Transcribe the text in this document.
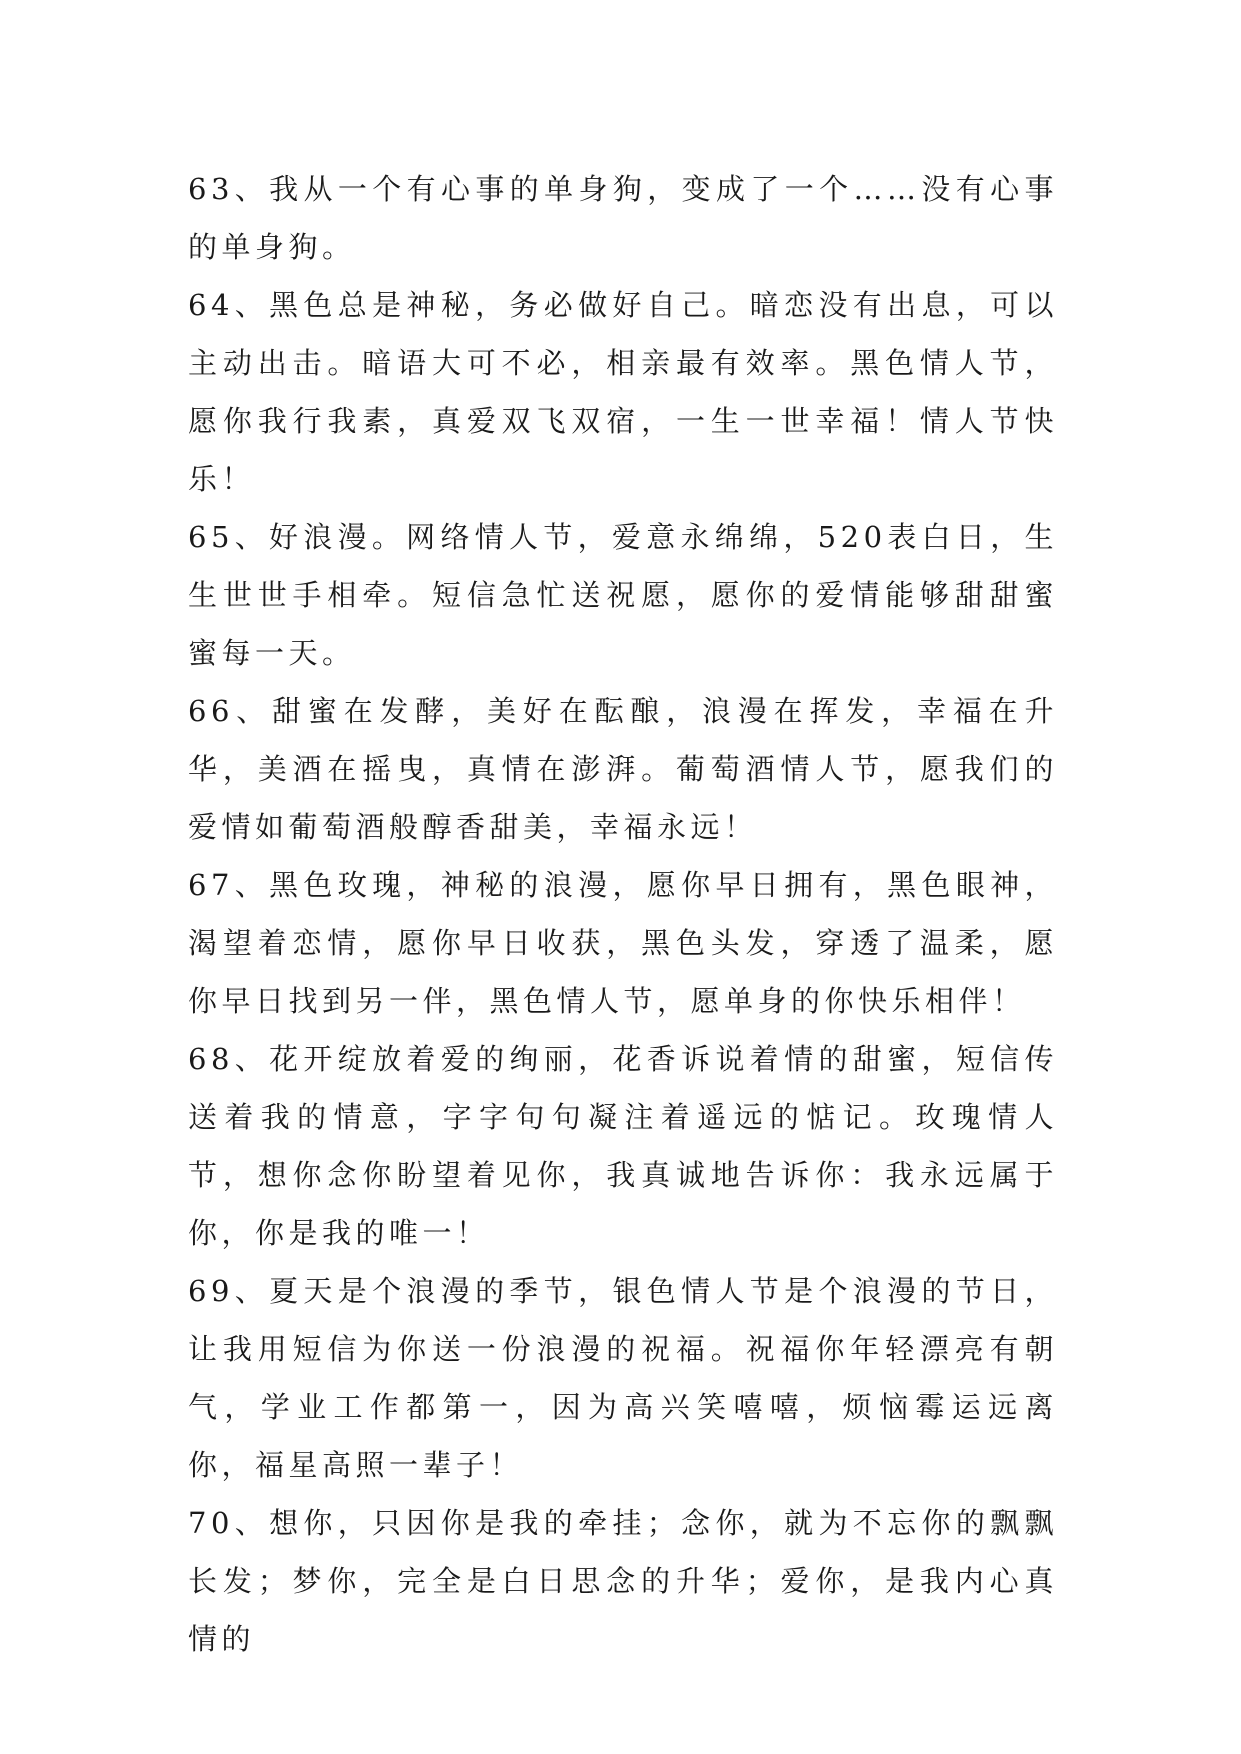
63、我从一个有心事的单身狗，变成了一个……没有心事的单身狗。

64、黑色总是神秘，务必做好自己。暗恋没有出息，可以主动出击。暗语大可不必，相亲最有效率。黑色情人节，愿你我行我素，真爱双飞双宿，一生一世幸福！情人节快乐！

65、好浪漫。网络情人节，爱意永绵绵，520表白日，生生世世手相牵。短信急忙送祝愿，愿你的爱情能够甜甜蜜蜜每一天。

66、甜蜜在发酵，美好在酝酿，浪漫在挥发，幸福在升华，美酒在摇曳，真情在澎湃。葡萄酒情人节，愿我们的爱情如葡萄酒般醇香甜美，幸福永远！

67、黑色玫瑰，神秘的浪漫，愿你早日拥有，黑色眼神，渴望着恋情，愿你早日收获，黑色头发，穿透了温柔，愿你早日找到另一伴，黑色情人节，愿单身的你快乐相伴！

68、花开绽放着爱的绚丽，花香诉说着情的甜蜜，短信传送着我的情意，字字句句凝注着遥远的惦记。玫瑰情人节，想你念你盼望着见你，我真诚地告诉你：我永远属于你，你是我的唯一！

69、夏天是个浪漫的季节，银色情人节是个浪漫的节日，让我用短信为你送一份浪漫的祝福。祝福你年轻漂亮有朝气，学业工作都第一，因为高兴笑嘻嘻，烦恼霉运远离你，福星高照一辈子！

70、想你，只因你是我的牵挂；念你，就为不忘你的飘飘长发；梦你，完全是白日思念的升华；爱你，是我内心真情的
